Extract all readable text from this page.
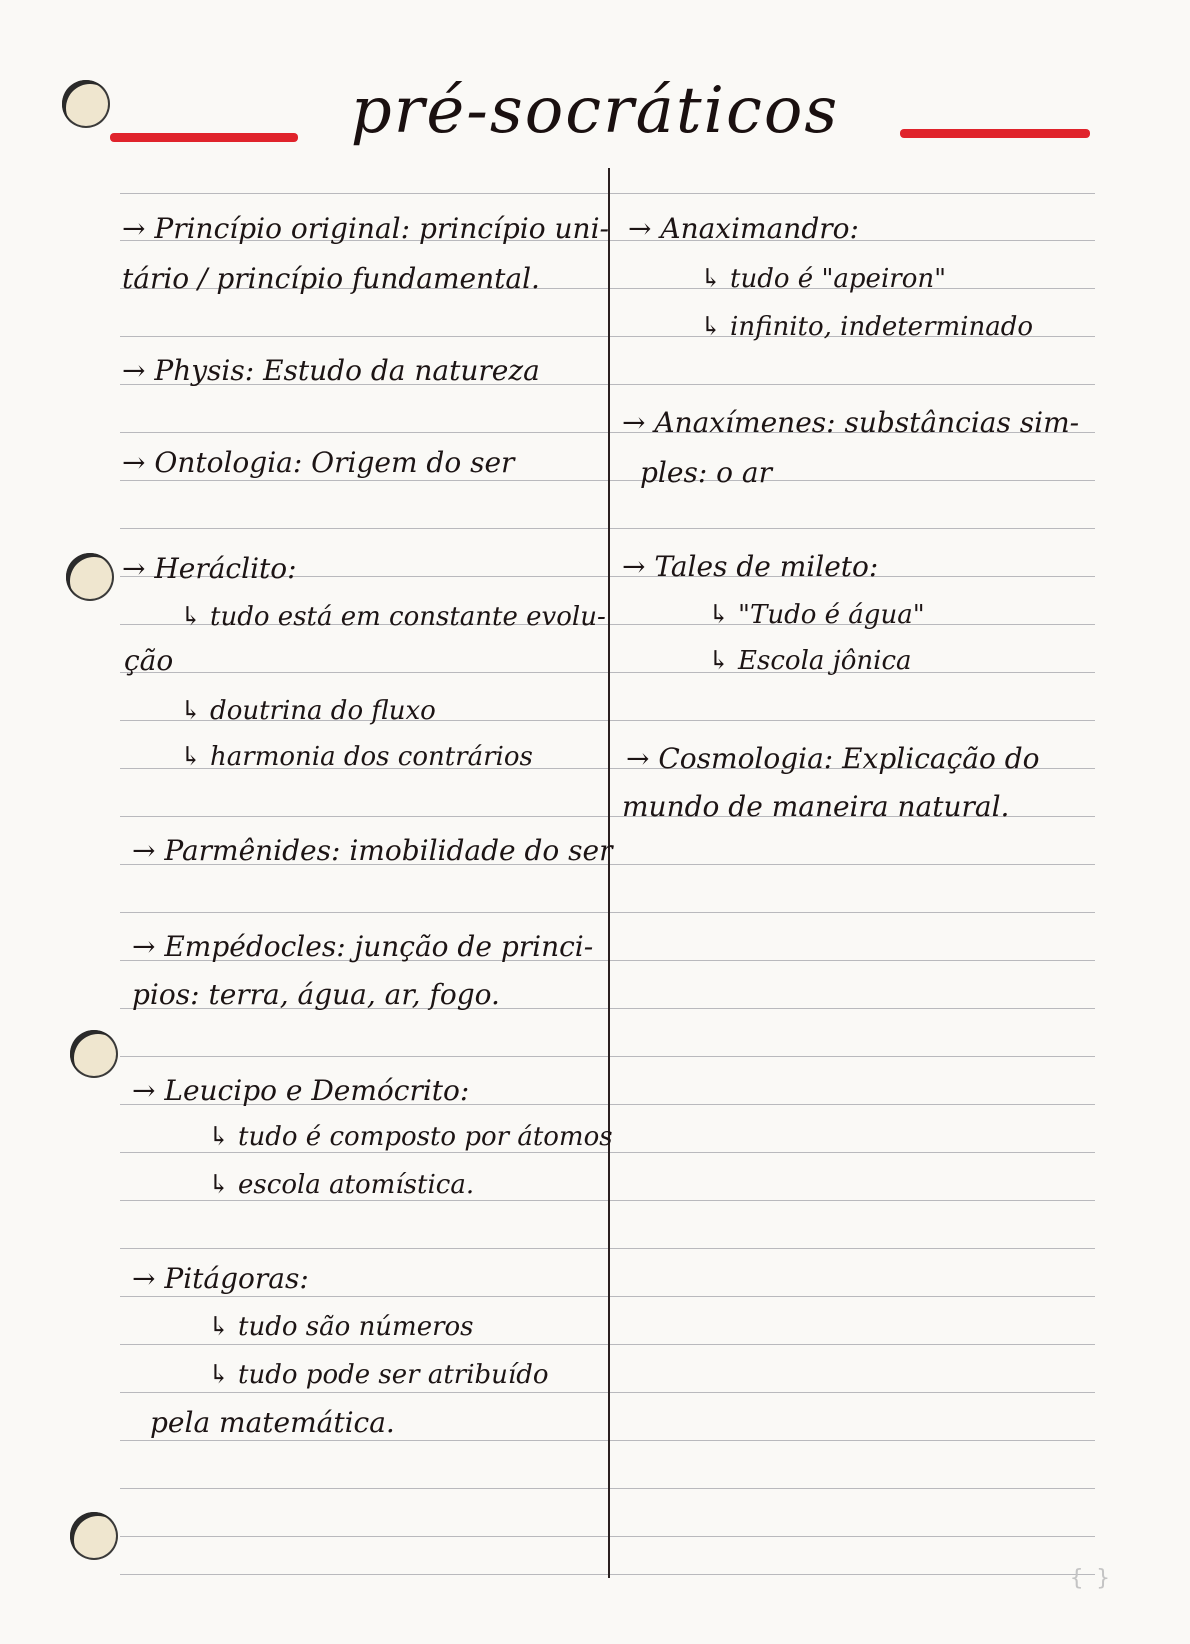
pré-socráticos
→ Princípio original: princípio uni-
tário / princípio fundamental.
→ Physis: Estudo da natureza
→ Ontologia: Origem do ser
→ Heráclito:
↳ tudo está em constante evolu-
ção
↳ doutrina do fluxo
↳ harmonia dos contrários
→ Parmênides: imobilidade do ser
→ Empédocles: junção de princi-
pios: terra, água, ar, fogo.
→ Leucipo e Demócrito:
↳ tudo é composto por átomos
↳ escola atomística.
→ Pitágoras:
↳ tudo são números
↳ tudo pode ser atribuído
pela matemática.
→ Anaximandro:
↳ tudo é "apeiron"
↳ infinito, indeterminado
→ Anaxímenes: substâncias sim-
ples: o ar
→ Tales de mileto:
↳ "Tudo é água"
↳ Escola jônica
→ Cosmologia: Explicação do
mundo de maneira natural.
{ }
